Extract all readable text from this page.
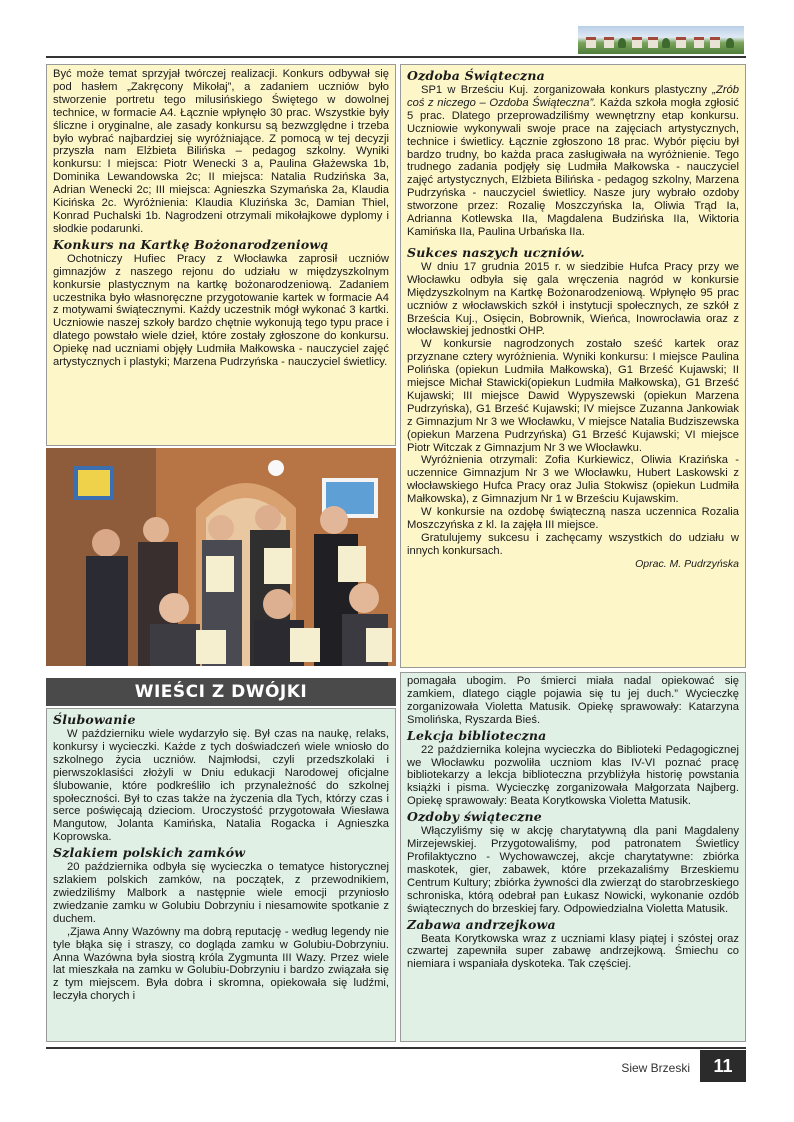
Być może temat sprzyjał twórczej realizacji. Konkurs odbywał się pod hasłem „Zakręcony Mikołaj”, a zadaniem uczniów było stworzenie portretu tego milusińskiego Świętego w dowolnej technice, w formacie A4. Łącznie wpłynęło 30 prac. Wszystkie były śliczne i oryginalne, ale zasady konkursu są bezwzględne i trzeba było wybrać najbardziej się wyróżniające. Z pomocą w tej decyzji przyszła nam Elżbieta Bilińska – pedagog szkolny. Wyniki konkursu: I miejsca: Piotr Wenecki 3 a, Paulina Głażewska 1b, Dominika Lewandowska 2c; II miejsca: Natalia Rudzińska 3a, Adrian Wenecki 2c; III miejsca: Agnieszka Szymańska 2a, Klaudia Kicińska 2c. Wyróżnienia: Klaudia Kluzińska 3c, Damian Thiel, Konrad Puchalski 1b. Nagrodzeni otrzymali mikołajkowe dyplomy i słodkie podarunki.

Konkurs na Kartkę Bożonarodzeniową

Ochotniczy Hufiec Pracy z Włocławka zaprosił uczniów gimnazjów z naszego rejonu do udziału w międzyszkolnym konkursie plastycznym na kartkę bożonarodzeniową. Zadaniem uczestnika było własnoręczne przygotowanie kartek w formacie A4 z motywami świątecznymi. Każdy uczestnik mógł wykonać 3 kartki. Uczniowie naszej szkoły bardzo chętnie wykonują tego typu prace i dlatego powstało wiele dzieł, które zostały zgłoszone do konkursu. Opiekę nad uczniami objęły Ludmiła Małkowska - nauczyciel zajęć artystycznych i plastyki; Marzena Pudrzyńska - nauczyciel świetlicy.

Ozdoba Świąteczna

SP1 w Brześciu Kuj. zorganizowała konkurs plastyczny „Zrób coś z niczego – Ozdoba Świąteczna”. Każda szkoła mogła zgłosić 5 prac. Dlatego przeprowadziliśmy wewnętrzny etap konkursu. Uczniowie wykonywali swoje prace na zajęciach artystycznych, technice i świetlicy. Łącznie zgłoszono 18 prac. Wybór pięciu był bardzo trudny, bo każda praca zasługiwała na wyróżnienie. Tego trudnego zadania podjęły się Ludmiła Małkowska - nauczyciel zajęć artystycznych, Elżbieta Bilińska - pedagog szkolny, Marzena Pudrzyńska - nauczyciel świetlicy. Nasze jury wybrało ozdoby stworzone przez: Rozalię Moszczyńska Ia, Oliwia Trąd Ia, Adrianna Kotlewska IIa, Magdalena Budzińska IIa, Wiktoria Kamińska IIa, Paulina Urbańska IIa.

Sukces naszych uczniów.

W dniu 17 grudnia 2015 r. w siedzibie Hufca Pracy przy we Włocławku odbyła się gala wręczenia nagród w konkursie Międzyszkolnym na Kartkę Bożonarodzeniową. Wpłynęło 95 prac uczniów z włocławskich szkół i instytucji społecznych, ze szkół z Brześcia Kuj., Osięcin, Bobrownik, Wieńca, Inowrocławia oraz z włocławskiej jednostki OHP.

W konkursie nagrodzonych zostało sześć kartek oraz przyznane cztery wyróżnienia. Wyniki konkursu: I miejsce Paulina Polińska (opiekun Ludmiła Małkowska), G1 Brześć Kujawski; II miejsce Michał Stawicki(opiekun Ludmiła Małkowska), G1 Brześć Kujawski; III miejsce Dawid Wypyszewski (opiekun Marzena Pudrzyńska), G1 Brześć Kujawski; IV miejsce Zuzanna Jankowiak z Gimnazjum Nr 3 we Włocławku, V miejsce Natalia Budziszewska (opiekun Marzena Pudrzyńska) G1 Brześć Kujawski; VI miejsce Piotr Witczak z Gimnazjum Nr 3 we Włocławku.

Wyróżnienia otrzymali: Zofia Kurkiewicz, Oliwia Krazińska - uczennice Gimnazjum Nr 3 we Włocławku, Hubert Laskowski z włocławskiego Hufca Pracy oraz Julia Stokwisz (opiekun Ludmiła Małkowska), z Gimnazjum Nr 1 w Brześciu Kujawskim.

W konkursie na ozdobę świąteczną nasza uczennica Rozalia Moszczyńska z kl. Ia zajęła III miejsce.

Gratulujemy sukcesu i zachęcamy wszystkich do udziału w innych konkursach.

Oprac. M. Pudrzyńska
WIEŚCI Z DWÓJKI
Ślubowanie

W październiku wiele wydarzyło się. Był czas na naukę, relaks, konkursy i wycieczki. Każde z tych doświadczeń wiele wniosło do szkolnego życia uczniów. Najmłodsi, czyli przedszkolaki i pierwszoklasiści złożyli w Dniu edukacji Narodowej oficjalne ślubowanie, które podkreśliło ich przynależność do szkolnej społeczności. Był to czas także na życzenia dla Tych, którzy czas i serce poświęcają dzieciom. Uroczystość przygotowała Wiesława Mangutow, Jolanta Kamińska, Natalia Rogacka i Agnieszka Koprowska.

Szlakiem polskich zamków

20 października odbyła się wycieczka o tematyce historycznej szlakiem polskich zamków, na początek, z przewodnikiem, zwiedziliśmy Malbork a następnie wiele emocji przyniosło zwiedzanie zamku w Golubiu Dobrzyniu i niesamowite spotkanie z duchem.

,Zjawa Anny Wazówny ma dobrą reputację - według legendy nie tyle błąka się i straszy, co dogląda zamku w Golubiu-Dobrzyniu. Anna Wazówna była siostrą króla Zygmunta III Wazy. Przez wiele lat mieszkała na zamku w Golubiu-Dobrzyniu i bardzo związała się z tym miejscem. Była dobra i skromna, opiekowała się ludźmi, leczyła chorych i

pomagała ubogim. Po śmierci miała nadal opiekować się zamkiem, dlatego ciągle pojawia się tu jej duch.” Wycieczkę zorganizowała Violetta Matusik. Opiekę sprawowały: Katarzyna Smolińska, Ryszarda Bieś.

Lekcja biblioteczna

22 października kolejna wycieczka do Biblioteki Pedagogicznej we Włocławku pozwoliła uczniom klas IV-VI poznać pracę bibliotekarzy a lekcja biblioteczna przybliżyła historię powstania książki i pisma. Wycieczkę zorganizowała Małgorzata Najberg. Opiekę sprawowały: Beata Korytkowska Violetta Matusik.

Ozdoby świąteczne

Włączyliśmy się w akcję charytatywną dla pani Magdaleny Mirzejewskiej. Przygotowaliśmy, pod patronatem Świetlicy Profilaktyczno - Wychowawczej, akcje charytatywne: zbiórka maskotek, gier, zabawek, które przekazaliśmy Brzeskiemu Centrum Kultury; zbiórka żywności dla zwierząt do starobrzeskiego schroniska, którą odebrał pan Łukasz Nowicki, wykonanie ozdób świątecznych do brzeskiej fary. Odpowiedzialna Violetta Matusik.

Zabawa andrzejkowa

Beata Korytkowska wraz z uczniami klasy piątej i szóstej oraz czwartej zapewniła super zabawę andrzejkową. Śmiechu co niemiara i wspaniała dyskoteka. Tak częściej.

Siew Brzeski	11
